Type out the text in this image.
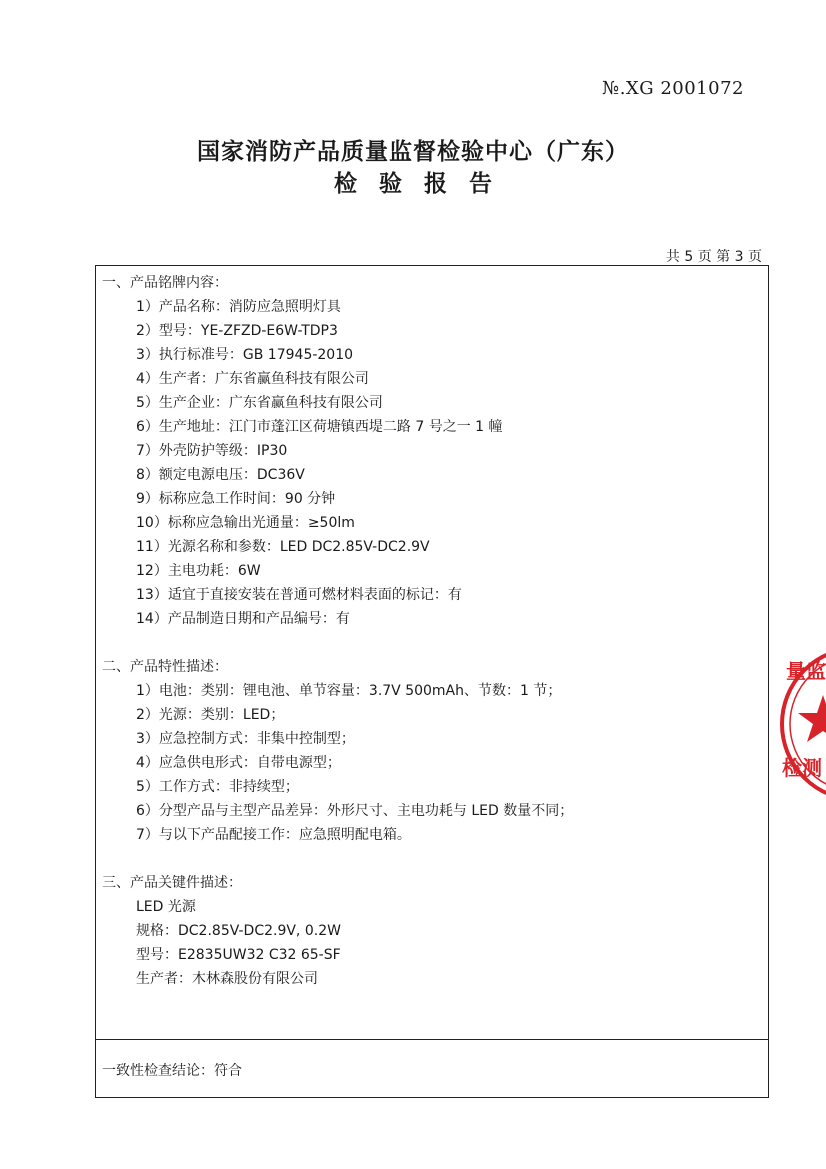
№.XG 2001072
国家消防产品质量监督检验中心（广东）
检验报告
共 5 页 第 3 页
一、产品铭牌内容：
1）产品名称：消防应急照明灯具
2）型号：YE-ZFZD-E6W-TDP3
3）执行标准号：GB 17945-2010
4）生产者：广东省赢鱼科技有限公司
5）生产企业：广东省赢鱼科技有限公司
6）生产地址：江门市蓬江区荷塘镇西堤二路 7 号之一 1 幢
7）外壳防护等级：IP30
8）额定电源电压：DC36V
9）标称应急工作时间：90 分钟
10）标称应急输出光通量：≥50lm
11）光源名称和参数：LED DC2.85V-DC2.9V
12）主电功耗：6W
13）适宜于直接安装在普通可燃材料表面的标记：有
14）产品制造日期和产品编号：有
二、产品特性描述：
1）电池：类别：锂电池、单节容量：3.7V 500mAh、节数：1 节；
2）光源：类别：LED；
3）应急控制方式：非集中控制型；
4）应急供电形式：自带电源型；
5）工作方式：非持续型；
6）分型产品与主型产品差异：外形尺寸、主电功耗与 LED 数量不同；
7）与以下产品配接工作：应急照明配电箱。
三、产品关键件描述：
LED 光源
规格：DC2.85V-DC2.9V, 0.2W
型号：E2835UW32 C32 65-SF
生产者：木林森股份有限公司
一致性检查结论：符合
量监
检测
